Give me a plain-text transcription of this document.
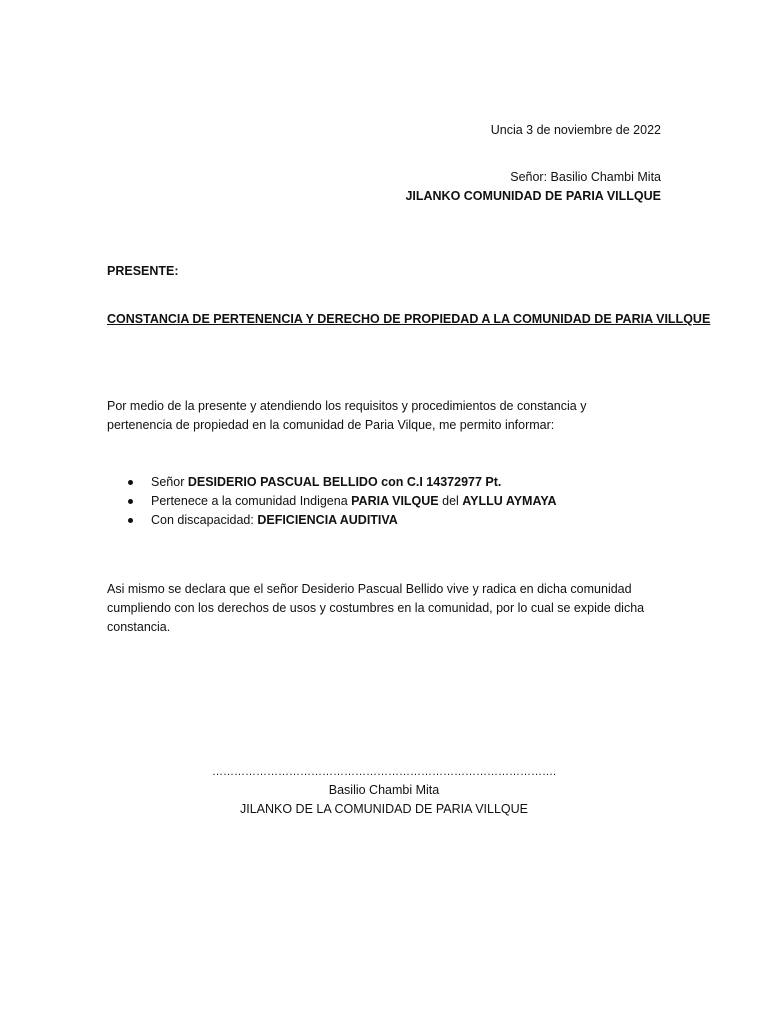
Uncia 3 de noviembre de 2022
Señor: Basilio Chambi Mita
JILANKO COMUNIDAD DE PARIA VILLQUE
PRESENTE:
CONSTANCIA DE PERTENENCIA Y DERECHO DE PROPIEDAD A LA COMUNIDAD DE PARIA VILLQUE
Por medio de la presente y atendiendo los requisitos y procedimientos de constancia y
pertenencia de propiedad en la comunidad de Paria Vilque, me permito informar:
Señor DESIDERIO PASCUAL BELLIDO con C.I 14372977 Pt.
Pertenece a la comunidad Indigena PARIA VILQUE del AYLLU AYMAYA
Con discapacidad: DEFICIENCIA AUDITIVA
Asi mismo se declara que el señor Desiderio Pascual Bellido vive y radica en dicha comunidad
cumpliendo con los derechos de usos y costumbres en la comunidad, por lo cual se expide dicha
constancia.
………………………………………………………………………………….
Basilio Chambi Mita
JILANKO DE LA COMUNIDAD DE PARIA VILLQUE
